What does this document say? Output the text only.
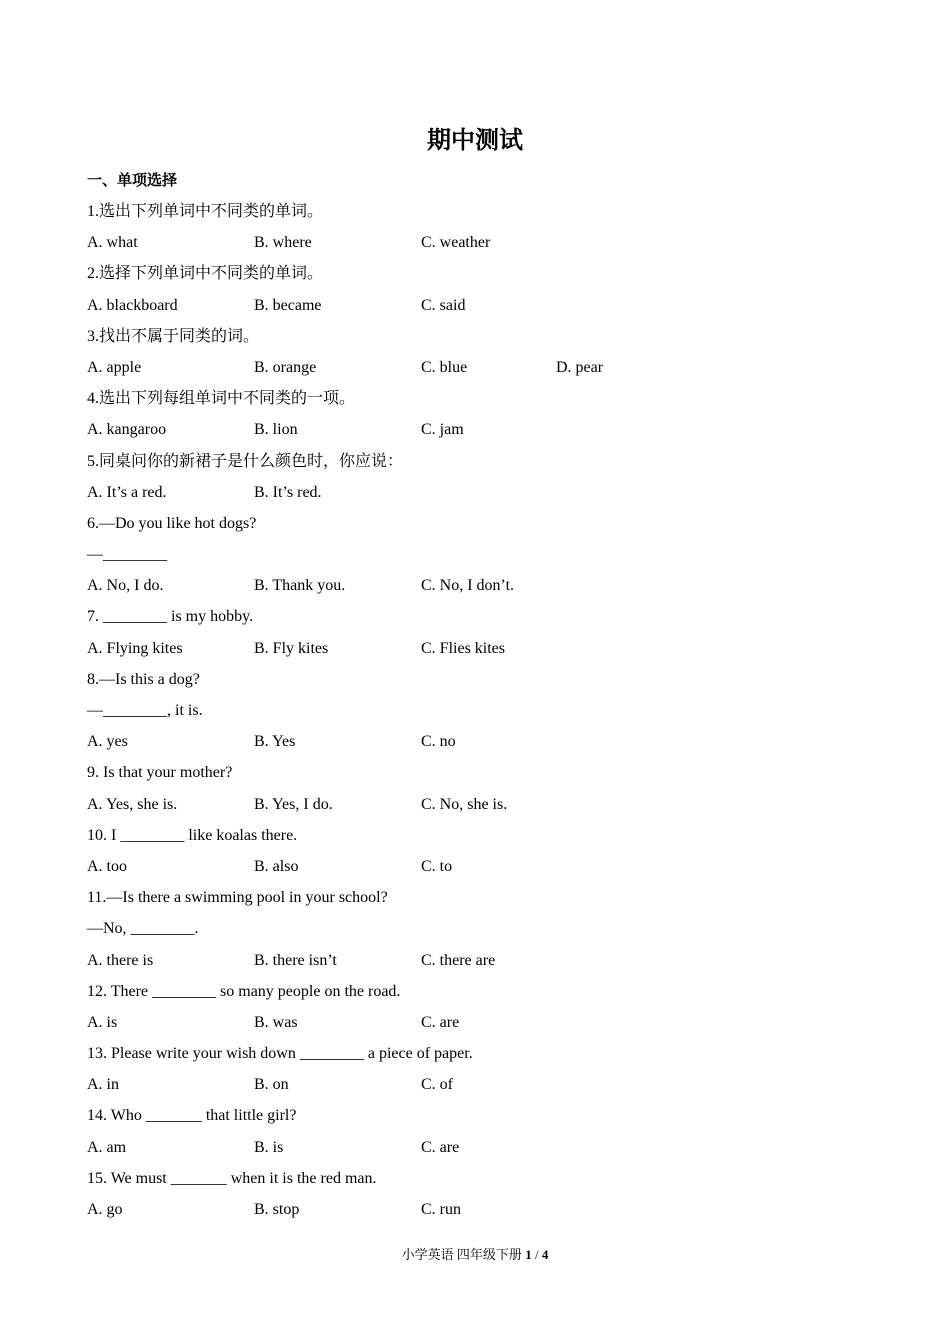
期中测试
一、单项选择
1.选出下列单词中不同类的单词。
A. what	B. where	C. weather
2.选择下列单词中不同类的单词。
A. blackboard	B. became	C. said
3.找出不属于同类的词。
A. apple	B. orange	C. blue	D. pear
4.选出下列每组单词中不同类的一项。
A. kangaroo	B. lion	C. jam
5.同桌问你的新裙子是什么颜色时，你应说：
A. It’s a red.	B. It’s red.
6.—Do you like hot dogs?
—________
A. No, I do.	B. Thank you.	C. No, I don’t.
7. ________ is my hobby.
A. Flying kites	B. Fly kites	C. Flies kites
8.—Is this a dog?
—________, it is.
A. yes	B. Yes	C. no
9. Is that your mother?
A. Yes, she is.	B. Yes, I do.	C. No, she is.
10. I ________ like koalas there.
A. too	B. also	C. to
11.—Is there a swimming pool in your school?
—No, ________.
A. there is	B. there isn’t	C. there are
12. There ________ so many people on the road.
A. is	B. was	C. are
13. Please write your wish down ________ a piece of paper.
A. in	B. on	C. of
14. Who _______ that little girl?
A. am	B. is	C. are
15. We must _______ when it is the red man.
A. go	B. stop	C. run
小学英语 四年级下册 1 / 4
